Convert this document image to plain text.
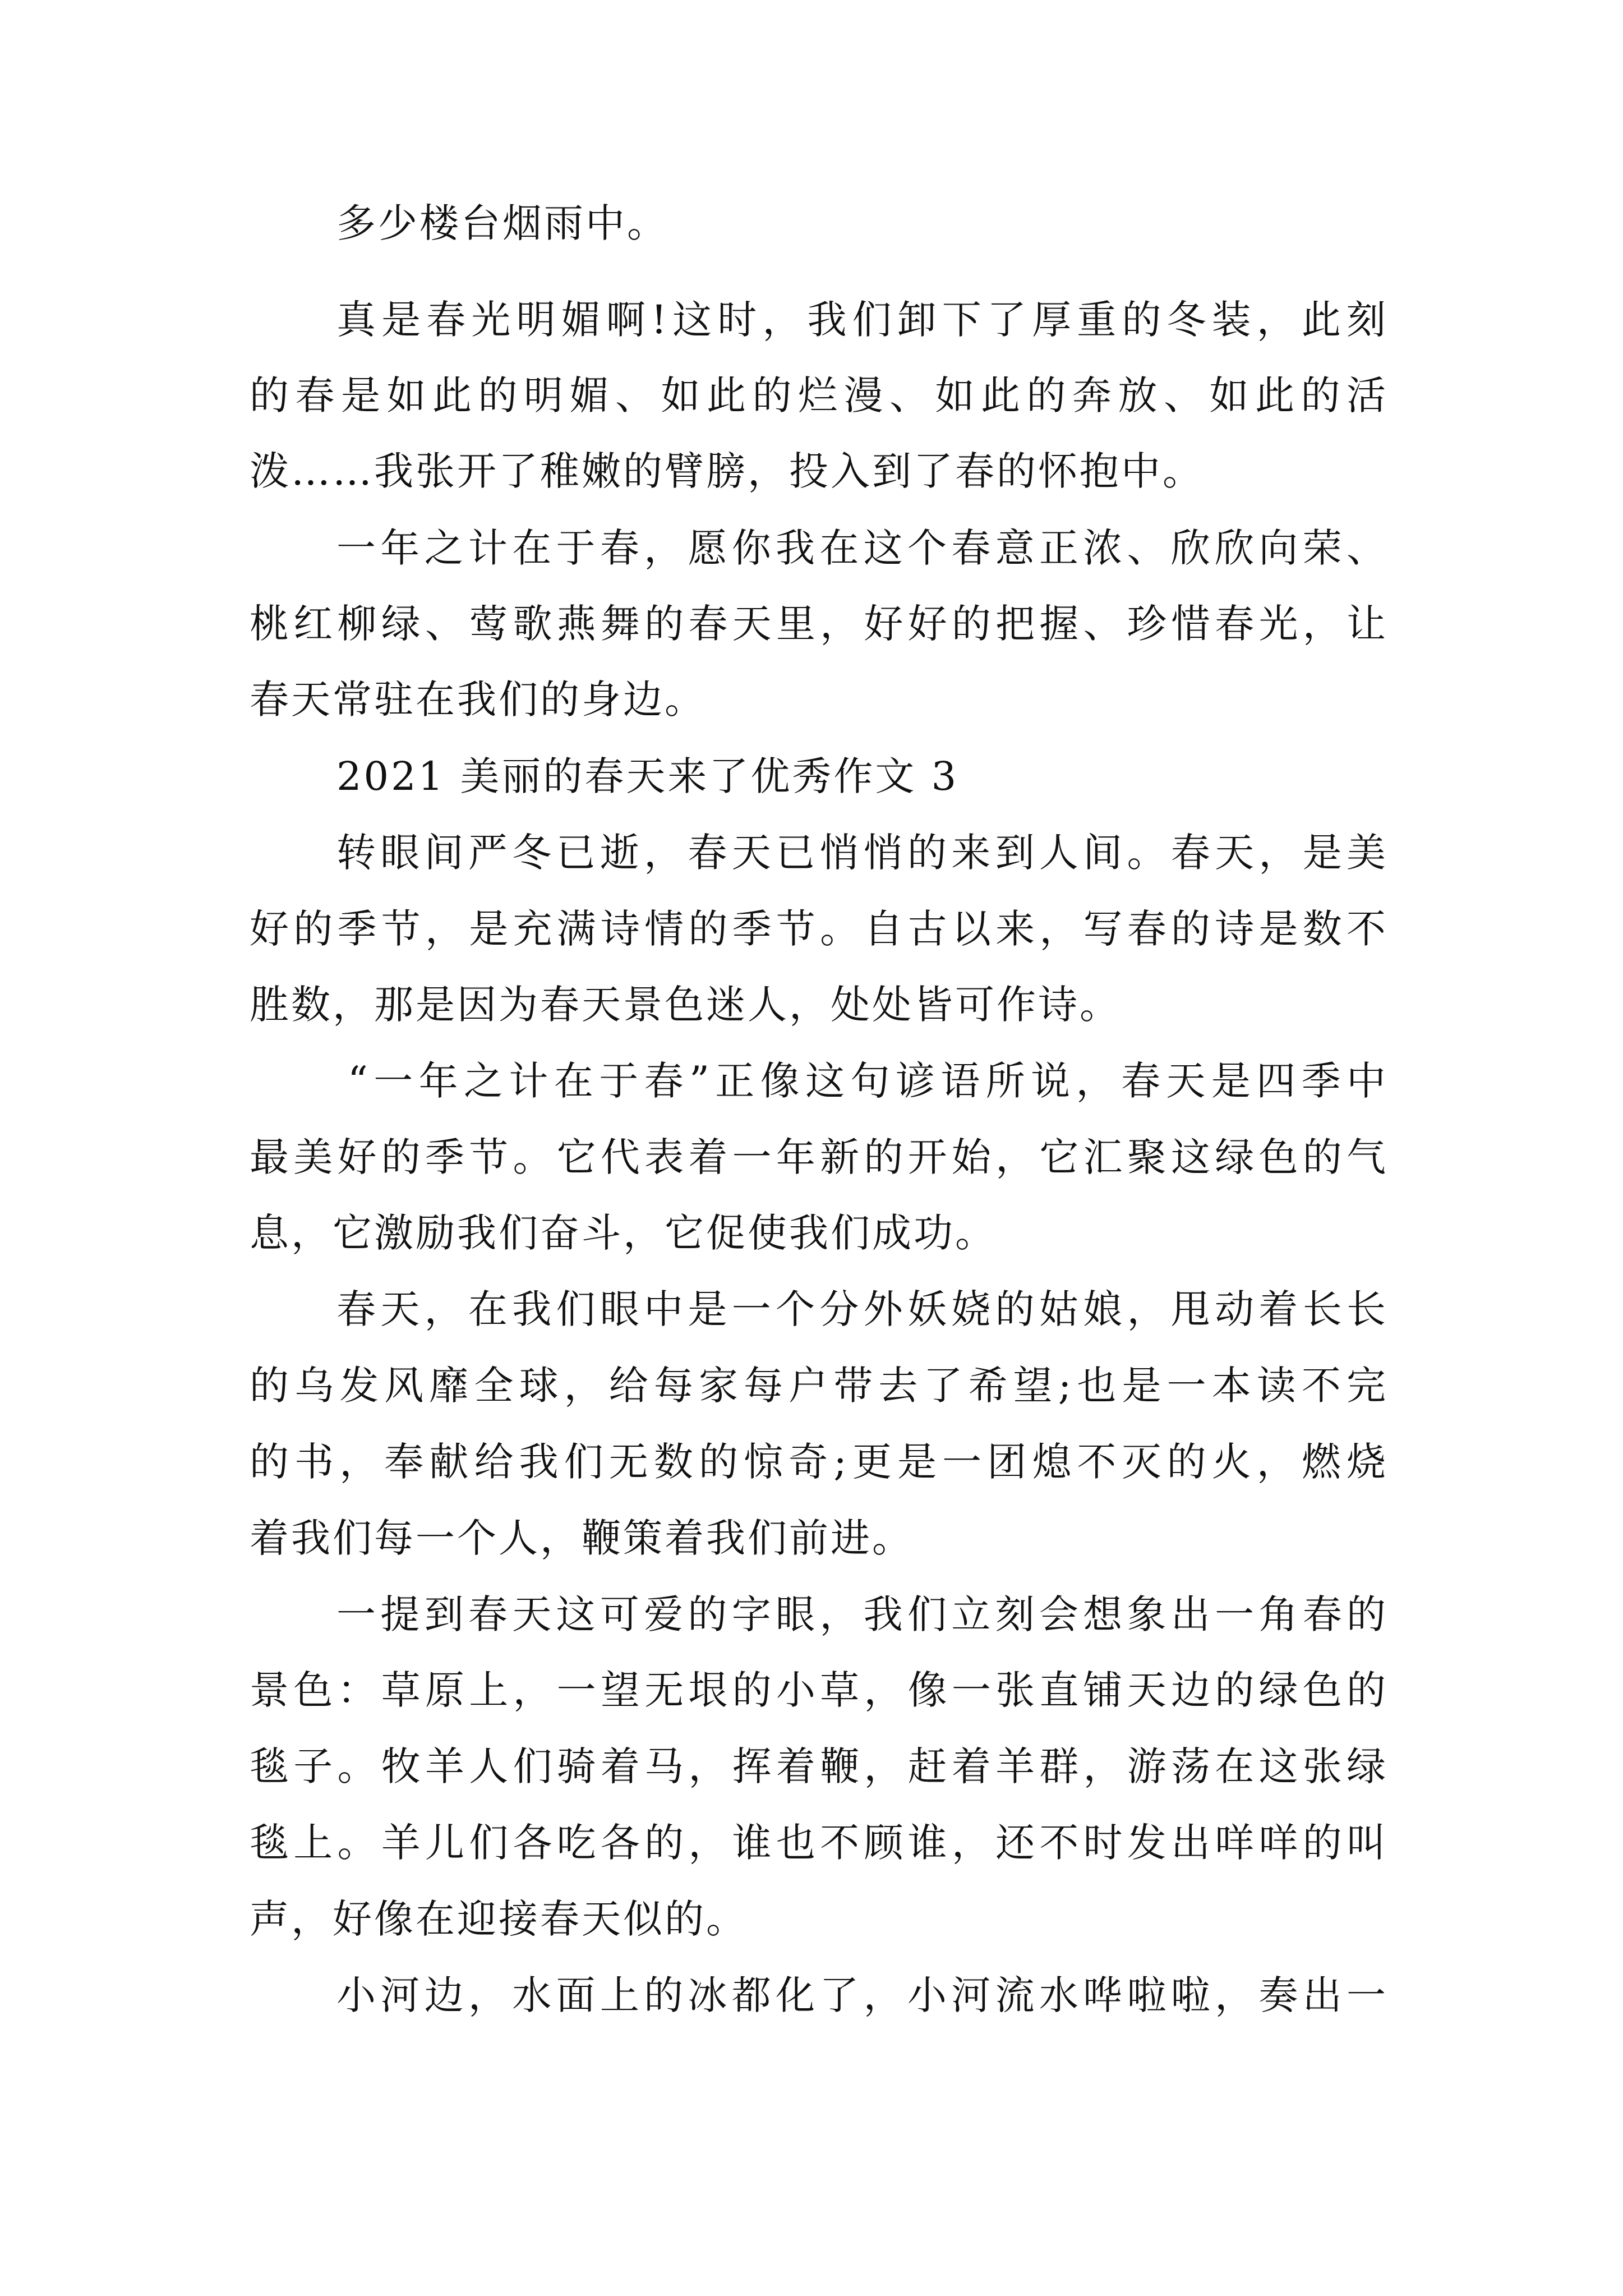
多少楼台烟雨中。
真是春光明媚啊!这时，我们卸下了厚重的冬装，此刻
的春是如此的明媚、如此的烂漫、如此的奔放、如此的活
泼……我张开了稚嫩的臂膀，投入到了春的怀抱中。
一年之计在于春，愿你我在这个春意正浓、欣欣向荣、
桃红柳绿、莺歌燕舞的春天里，好好的把握、珍惜春光，让
春天常驻在我们的身边。
2021 美丽的春天来了优秀作文 3
转眼间严冬已逝，春天已悄悄的来到人间。春天，是美
好的季节，是充满诗情的季节。自古以来，写春的诗是数不
胜数，那是因为春天景色迷人，处处皆可作诗。
“一年之计在于春”正像这句谚语所说，春天是四季中
最美好的季节。它代表着一年新的开始，它汇聚这绿色的气
息，它激励我们奋斗，它促使我们成功。
春天，在我们眼中是一个分外妖娆的姑娘，甩动着长长
的乌发风靡全球，给每家每户带去了希望;也是一本读不完
的书，奉献给我们无数的惊奇;更是一团熄不灭的火，燃烧
着我们每一个人，鞭策着我们前进。
一提到春天这可爱的字眼，我们立刻会想象出一角春的
景色：草原上，一望无垠的小草，像一张直铺天边的绿色的
毯子。牧羊人们骑着马，挥着鞭，赶着羊群，游荡在这张绿
毯上。羊儿们各吃各的，谁也不顾谁，还不时发出咩咩的叫
声，好像在迎接春天似的。
小河边，水面上的冰都化了，小河流水哗啦啦，奏出一
